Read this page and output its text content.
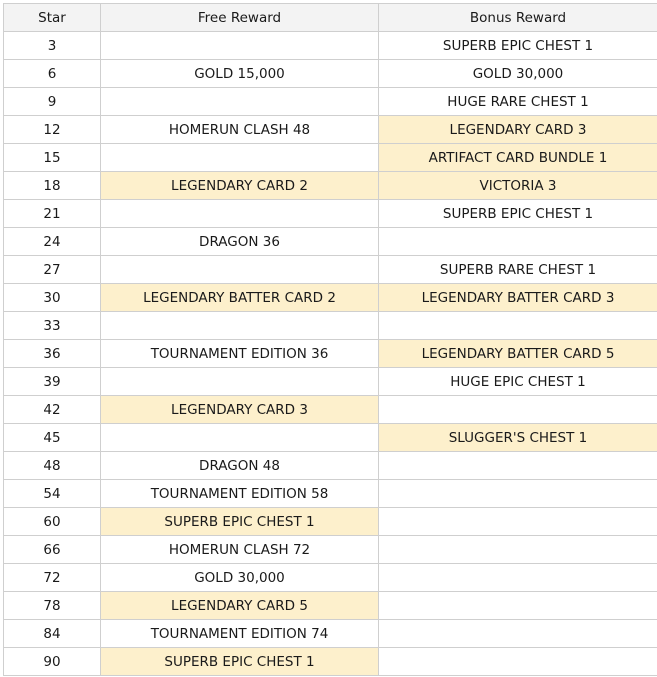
Star	Free Reward	Bonus Reward
3		SUPERB EPIC CHEST 1
6	GOLD 15,000	GOLD 30,000
9		HUGE RARE CHEST 1
12	HOMERUN CLASH 48	LEGENDARY CARD 3
15		ARTIFACT CARD BUNDLE 1
18	LEGENDARY CARD 2	VICTORIA 3
21		SUPERB EPIC CHEST 1
24	DRAGON 36	
27		SUPERB RARE CHEST 1
30	LEGENDARY BATTER CARD 2	LEGENDARY BATTER CARD 3
33		
36	TOURNAMENT EDITION 36	LEGENDARY BATTER CARD 5
39		HUGE EPIC CHEST 1
42	LEGENDARY CARD 3	
45		SLUGGER'S CHEST 1
48	DRAGON 48	
54	TOURNAMENT EDITION 58	
60	SUPERB EPIC CHEST 1	
66	HOMERUN CLASH 72	
72	GOLD 30,000	
78	LEGENDARY CARD 5	
84	TOURNAMENT EDITION 74	
90	SUPERB EPIC CHEST 1	
